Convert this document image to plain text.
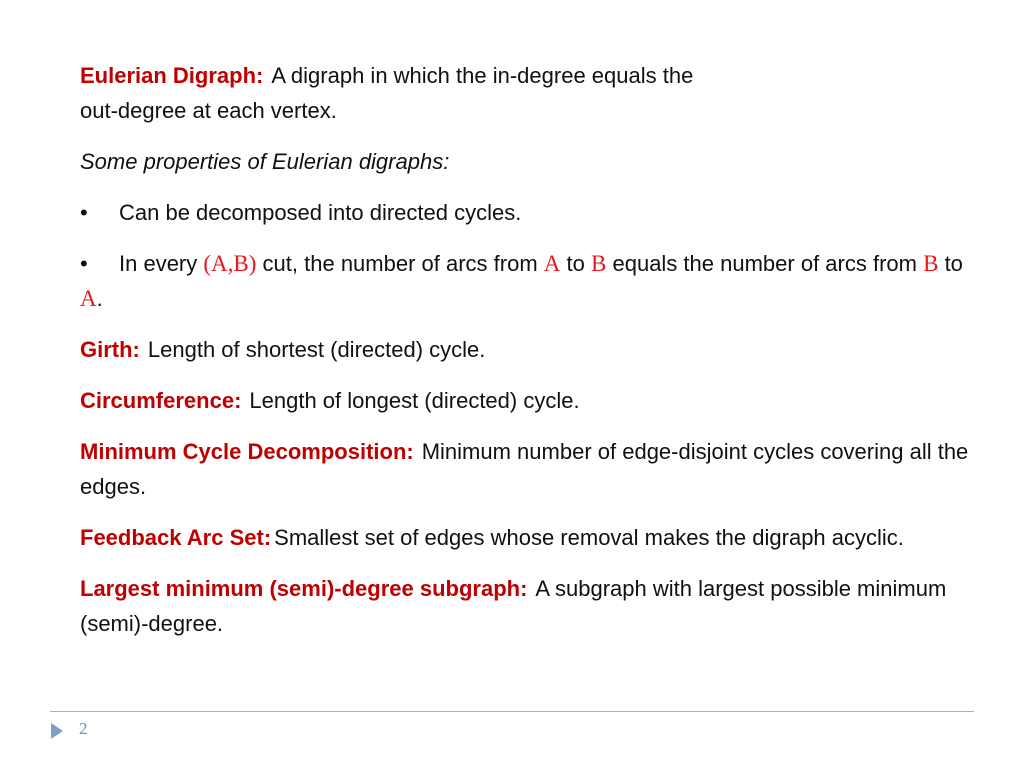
Eulerian Digraph: A digraph in which the in-degree equals the
out-degree at each vertex.

Some properties of Eulerian digraphs:

• Can be decomposed into directed cycles.

• In every (A,B) cut, the number of arcs from A to B equals the number of arcs from B to A.

Girth: Length of shortest (directed) cycle.

Circumference: Length of longest (directed) cycle.

Minimum Cycle Decomposition: Minimum number of edge-disjoint cycles covering all the edges.

Feedback Arc Set: Smallest set of edges whose removal makes the digraph acyclic.

Largest minimum (semi)-degree subgraph: A subgraph with largest possible minimum (semi)-degree.

2
